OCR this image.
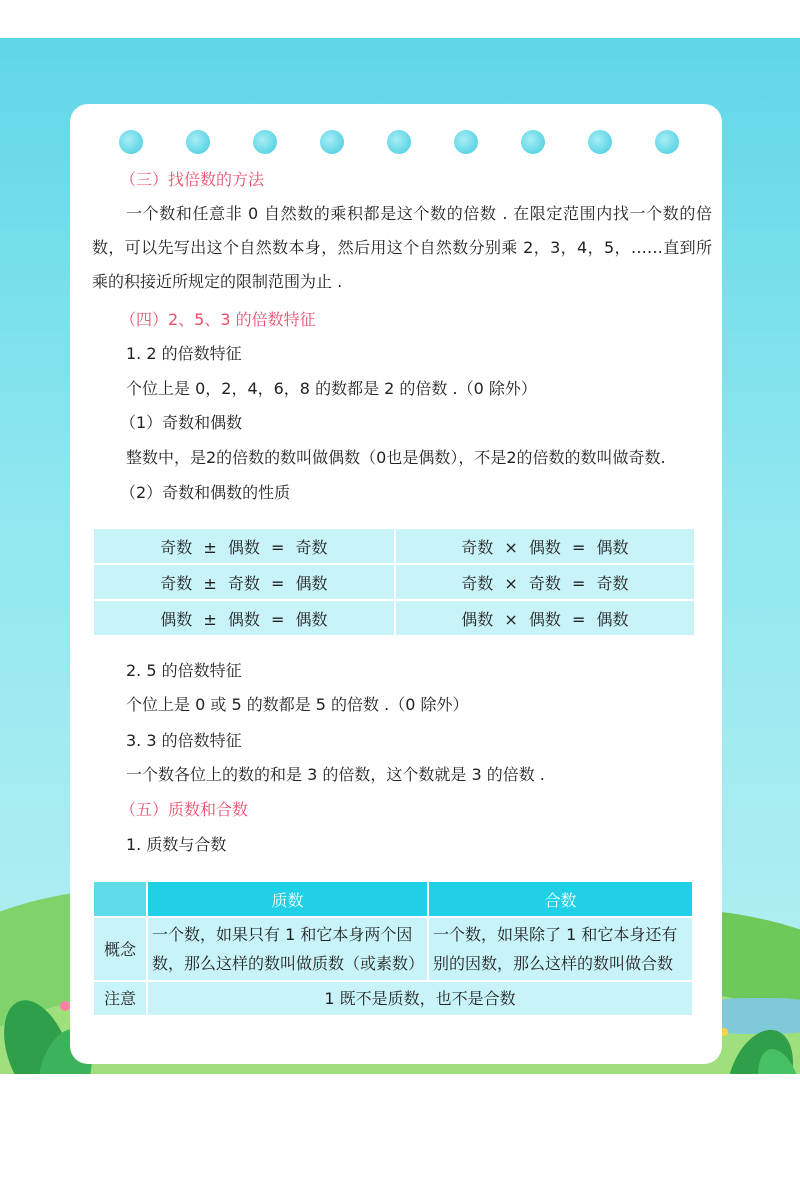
（三）找倍数的方法
一个数和任意非 0 自然数的乘积都是这个数的倍数 . 在限定范围内找一个数的倍数，可以先写出这个自然数本身，然后用这个自然数分别乘 2，3，4，5，……直到所乘的积接近所规定的限制范围为止 .
（四）2、5、3 的倍数特征
1. 2 的倍数特征
个位上是 0，2，4，6，8 的数都是 2 的倍数 .（0 除外）
（1）奇数和偶数
整数中，是2的倍数的数叫做偶数（0也是偶数），不是2的倍数的数叫做奇数.
（2）奇数和偶数的性质
奇数 ± 偶数 = 奇数	奇数 × 偶数 = 偶数
奇数 ± 奇数 = 偶数	奇数 × 奇数 = 奇数
偶数 ± 偶数 = 偶数	偶数 × 偶数 = 偶数
2. 5 的倍数特征
个位上是 0 或 5 的数都是 5 的倍数 .（0 除外）
3. 3 的倍数特征
一个数各位上的数的和是 3 的倍数，这个数就是 3 的倍数 .
（五）质数和合数
1. 质数与合数
	质数	合数
概念	一个数，如果只有 1 和它本身两个因数，那么这样的数叫做质数（或素数）	一个数，如果除了 1 和它本身还有别的因数，那么这样的数叫做合数
注意	1 既不是质数，也不是合数	
